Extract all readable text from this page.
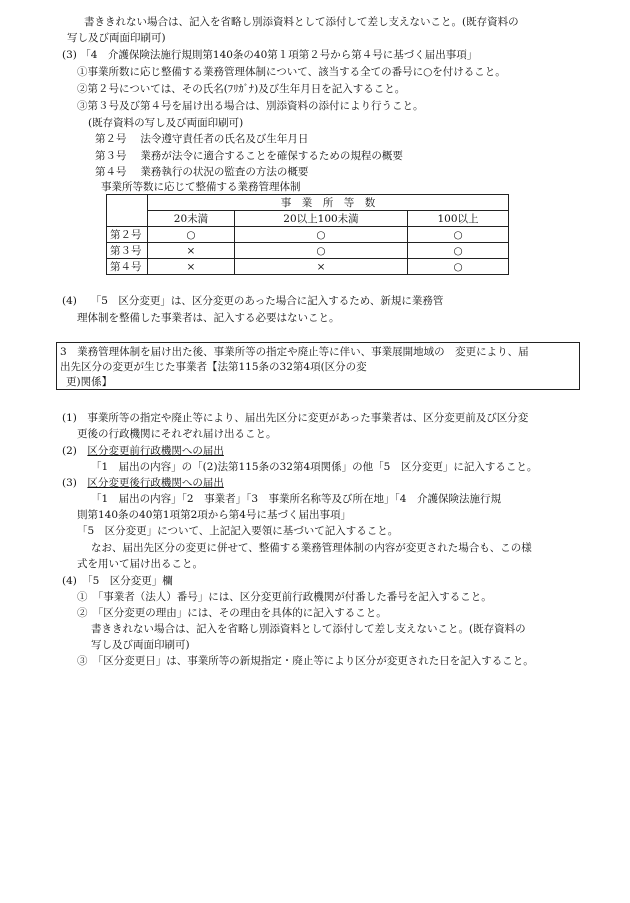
書ききれない場合は、記入を省略し別添資料として添付して差し支えないこと。(既存資料の
写し及び両面印刷可)
(3) 「4　介護保険法施行規則第140条の40第１項第２号から第４号に基づく届出事項」
①事業所数に応じ整備する業務管理体制について、該当する全ての番号に○を付けること。
②第２号については、その氏名(ﾌﾘｶﾞﾅ)及び生年月日を記入すること。
③第３号及び第４号を届け出る場合は、別添資料の添付により行うこと。
(既存資料の写し及び両面印刷可)
第２号　 法令遵守責任者の氏名及び生年月日
第３号　 業務が法令に適合することを確保するための規程の概要
第４号　 業務執行の状況の監査の方法の概要
事業所等数に応じて整備する業務管理体制
	事　業　所　等　数		
	20未満	20以上100未満	100以上
第２号	○	○	○
第３号	×	○	○
第４号	×	×	○
(4)　 「5　区分変更」は、区分変更のあった場合に記入するため、新規に業務管
理体制を整備した事業者は、記入する必要はないこと。
3　業務管理体制を届け出た後、事業所等の指定や廃止等に伴い、事業展開地域の　変更により、届
出先区分の変更が生じた事業者【法第115条の32第4項(区分の変
更)関係】
(1)　事業所等の指定や廃止等により、届出先区分に変更があった事業者は、区分変更前及び区分変
更後の行政機関にそれぞれ届け出ること。
(2)　区分変更前行政機関への届出
「1　届出の内容」の「(2)法第115条の32第4項関係」の他「5　区分変更」に記入すること。
(3)　区分変更後行政機関への届出
「1　届出の内容」「2　事業者」「3　事業所名称等及び所在地」「4　介護保険法施行規
則第140条の40第1項第2項から第4号に基づく届出事項」
「5　区分変更」について、上記記入要領に基づいて記入すること。
なお、届出先区分の変更に併せて、整備する業務管理体制の内容が変更された場合も、この様
式を用いて届け出ること。
(4)　「5　区分変更」欄
①　「事業者（法人）番号」には、区分変更前行政機関が付番した番号を記入すること。
②　「区分変更の理由」には、その理由を具体的に記入すること。
書ききれない場合は、記入を省略し別添資料として添付して差し支えないこと。(既存資料の
写し及び両面印刷可)
③　「区分変更日」は、事業所等の新規指定・廃止等により区分が変更された日を記入すること。
